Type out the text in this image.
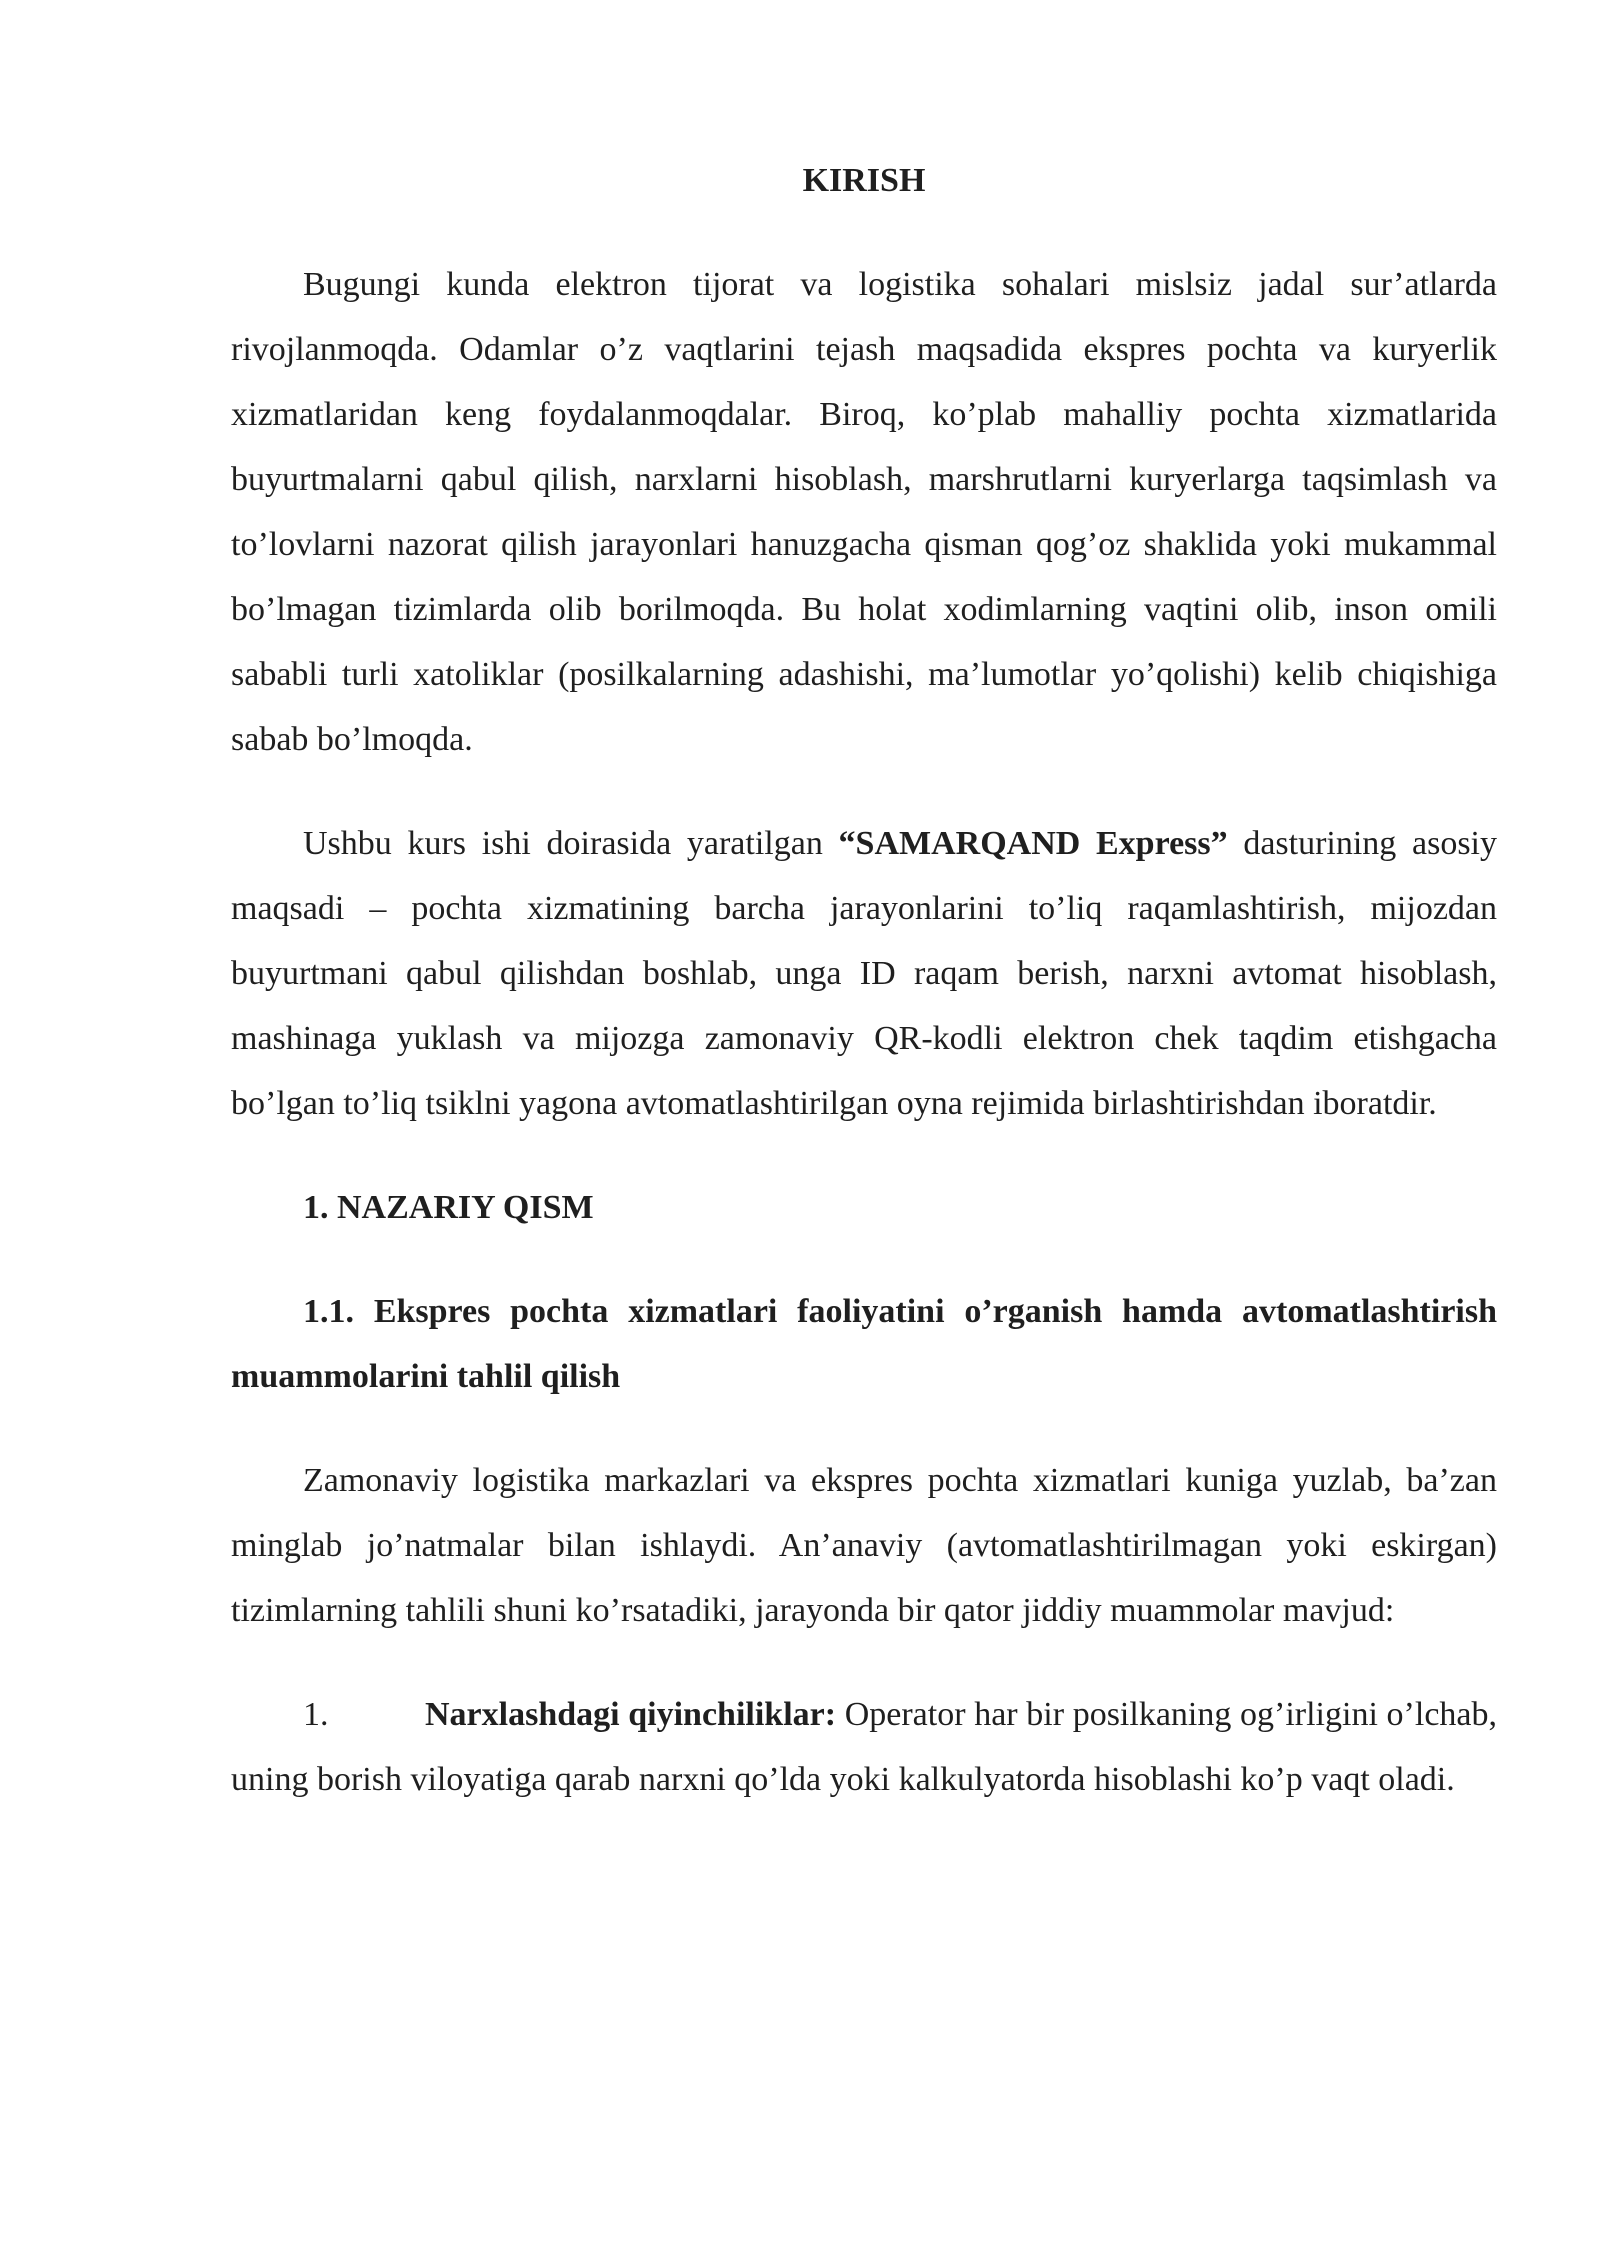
KIRISH

Bugungi kunda elektron tijorat va logistika sohalari mislsiz jadal sur’atlarda rivojlanmoqda. Odamlar o’z vaqtlarini tejash maqsadida ekspres pochta va kuryerlik xizmatlaridan keng foydalanmoqdalar. Biroq, ko’plab mahalliy pochta xizmatlarida buyurtmalarni qabul qilish, narxlarni hisoblash, marshrutlarni kuryerlarga taqsimlash va to’lovlarni nazorat qilish jarayonlari hanuzgacha qisman qog’oz shaklida yoki mukammal bo’lmagan tizimlarda olib borilmoqda. Bu holat xodimlarning vaqtini olib, inson omili sababli turli xatoliklar (posilkalarning adashishi, ma’lumotlar yo’qolishi) kelib chiqishiga sabab bo’lmoqda.

Ushbu kurs ishi doirasida yaratilgan “SAMARQAND Express” dasturining asosiy maqsadi – pochta xizmatining barcha jarayonlarini to’liq raqamlashtirish, mijozdan buyurtmani qabul qilishdan boshlab, unga ID raqam berish, narxni avtomat hisoblash, mashinaga yuklash va mijozga zamonaviy QR-kodli elektron chek taqdim etishgacha bo’lgan to’liq tsiklni yagona avtomatlashtirilgan oyna rejimida birlashtirishdan iboratdir.

1. NAZARIY QISM
1.1. Ekspres pochta xizmatlari faoliyatini o’rganish hamda avtomatlashtirish muammolarini tahlil qilish

Zamonaviy logistika markazlari va ekspres pochta xizmatlari kuniga yuzlab, ba’zan minglab jo’natmalar bilan ishlaydi. An’anaviy (avtomatlashtirilmagan yoki eskirgan) tizimlarning tahlili shuni ko’rsatadiki, jarayonda bir qator jiddiy muammolar mavjud:

1.	Narxlashdagi qiyinchiliklar: Operator har bir posilkaning og’irligini o’lchab, uning borish viloyatiga qarab narxni qo’lda yoki kalkulyatorda hisoblashi ko’p vaqt oladi.
